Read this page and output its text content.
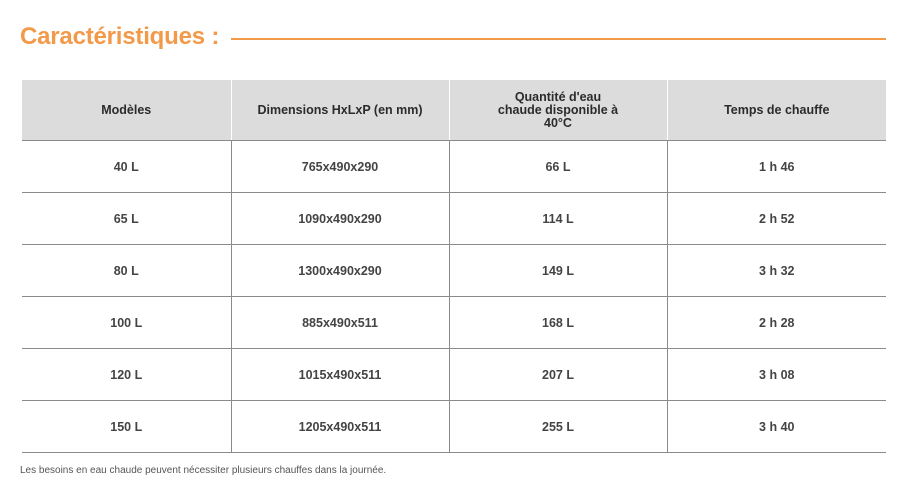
Caractéristiques :
Modèles	Dimensions HxLxP (en mm)	Quantité d'eau chaude disponible à 40°C	Temps de chauffe
40 L	765x490x290	66 L	1 h 46
65 L	1090x490x290	114 L	2 h 52
80 L	1300x490x290	149 L	3 h 32
100 L	885x490x511	168 L	2 h 28
120 L	1015x490x511	207 L	3 h 08
150 L	1205x490x511	255 L	3 h 40
Les besoins en eau chaude peuvent nécessiter plusieurs chauffes dans la journée.
